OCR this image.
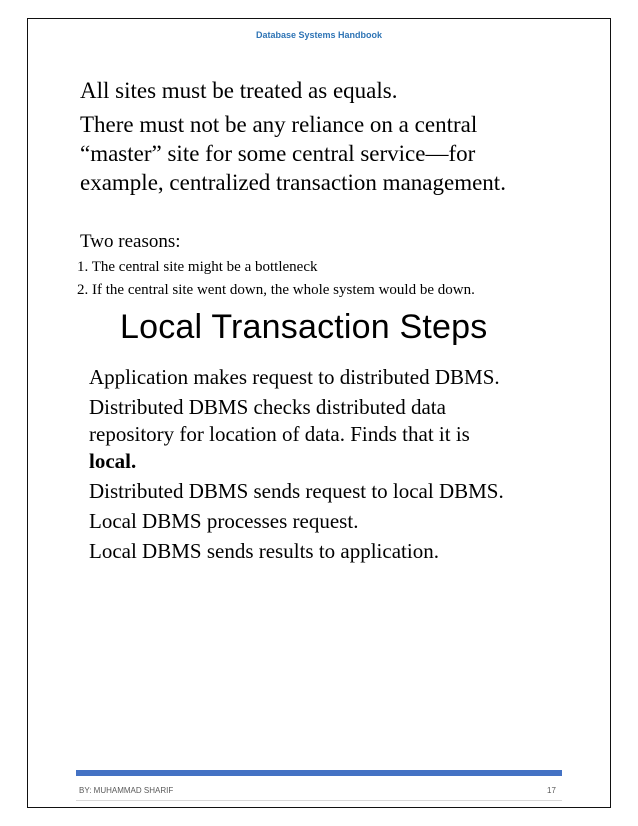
Database Systems Handbook

All sites must be treated as equals.

There must not be any reliance on a central

“master” site for some central service—for

example, centralized transaction management.

Two reasons:
1. The central site might be a bottleneck
2. If the central site went down, the whole system would be down.
Local Transaction Steps

Application makes request to distributed DBMS.

Distributed DBMS checks distributed data
repository for location of data. Finds that it is
local.

Distributed DBMS sends request to local DBMS.

Local DBMS processes request.

Local DBMS sends results to application.

BY: MUHAMMAD SHARIF	17
